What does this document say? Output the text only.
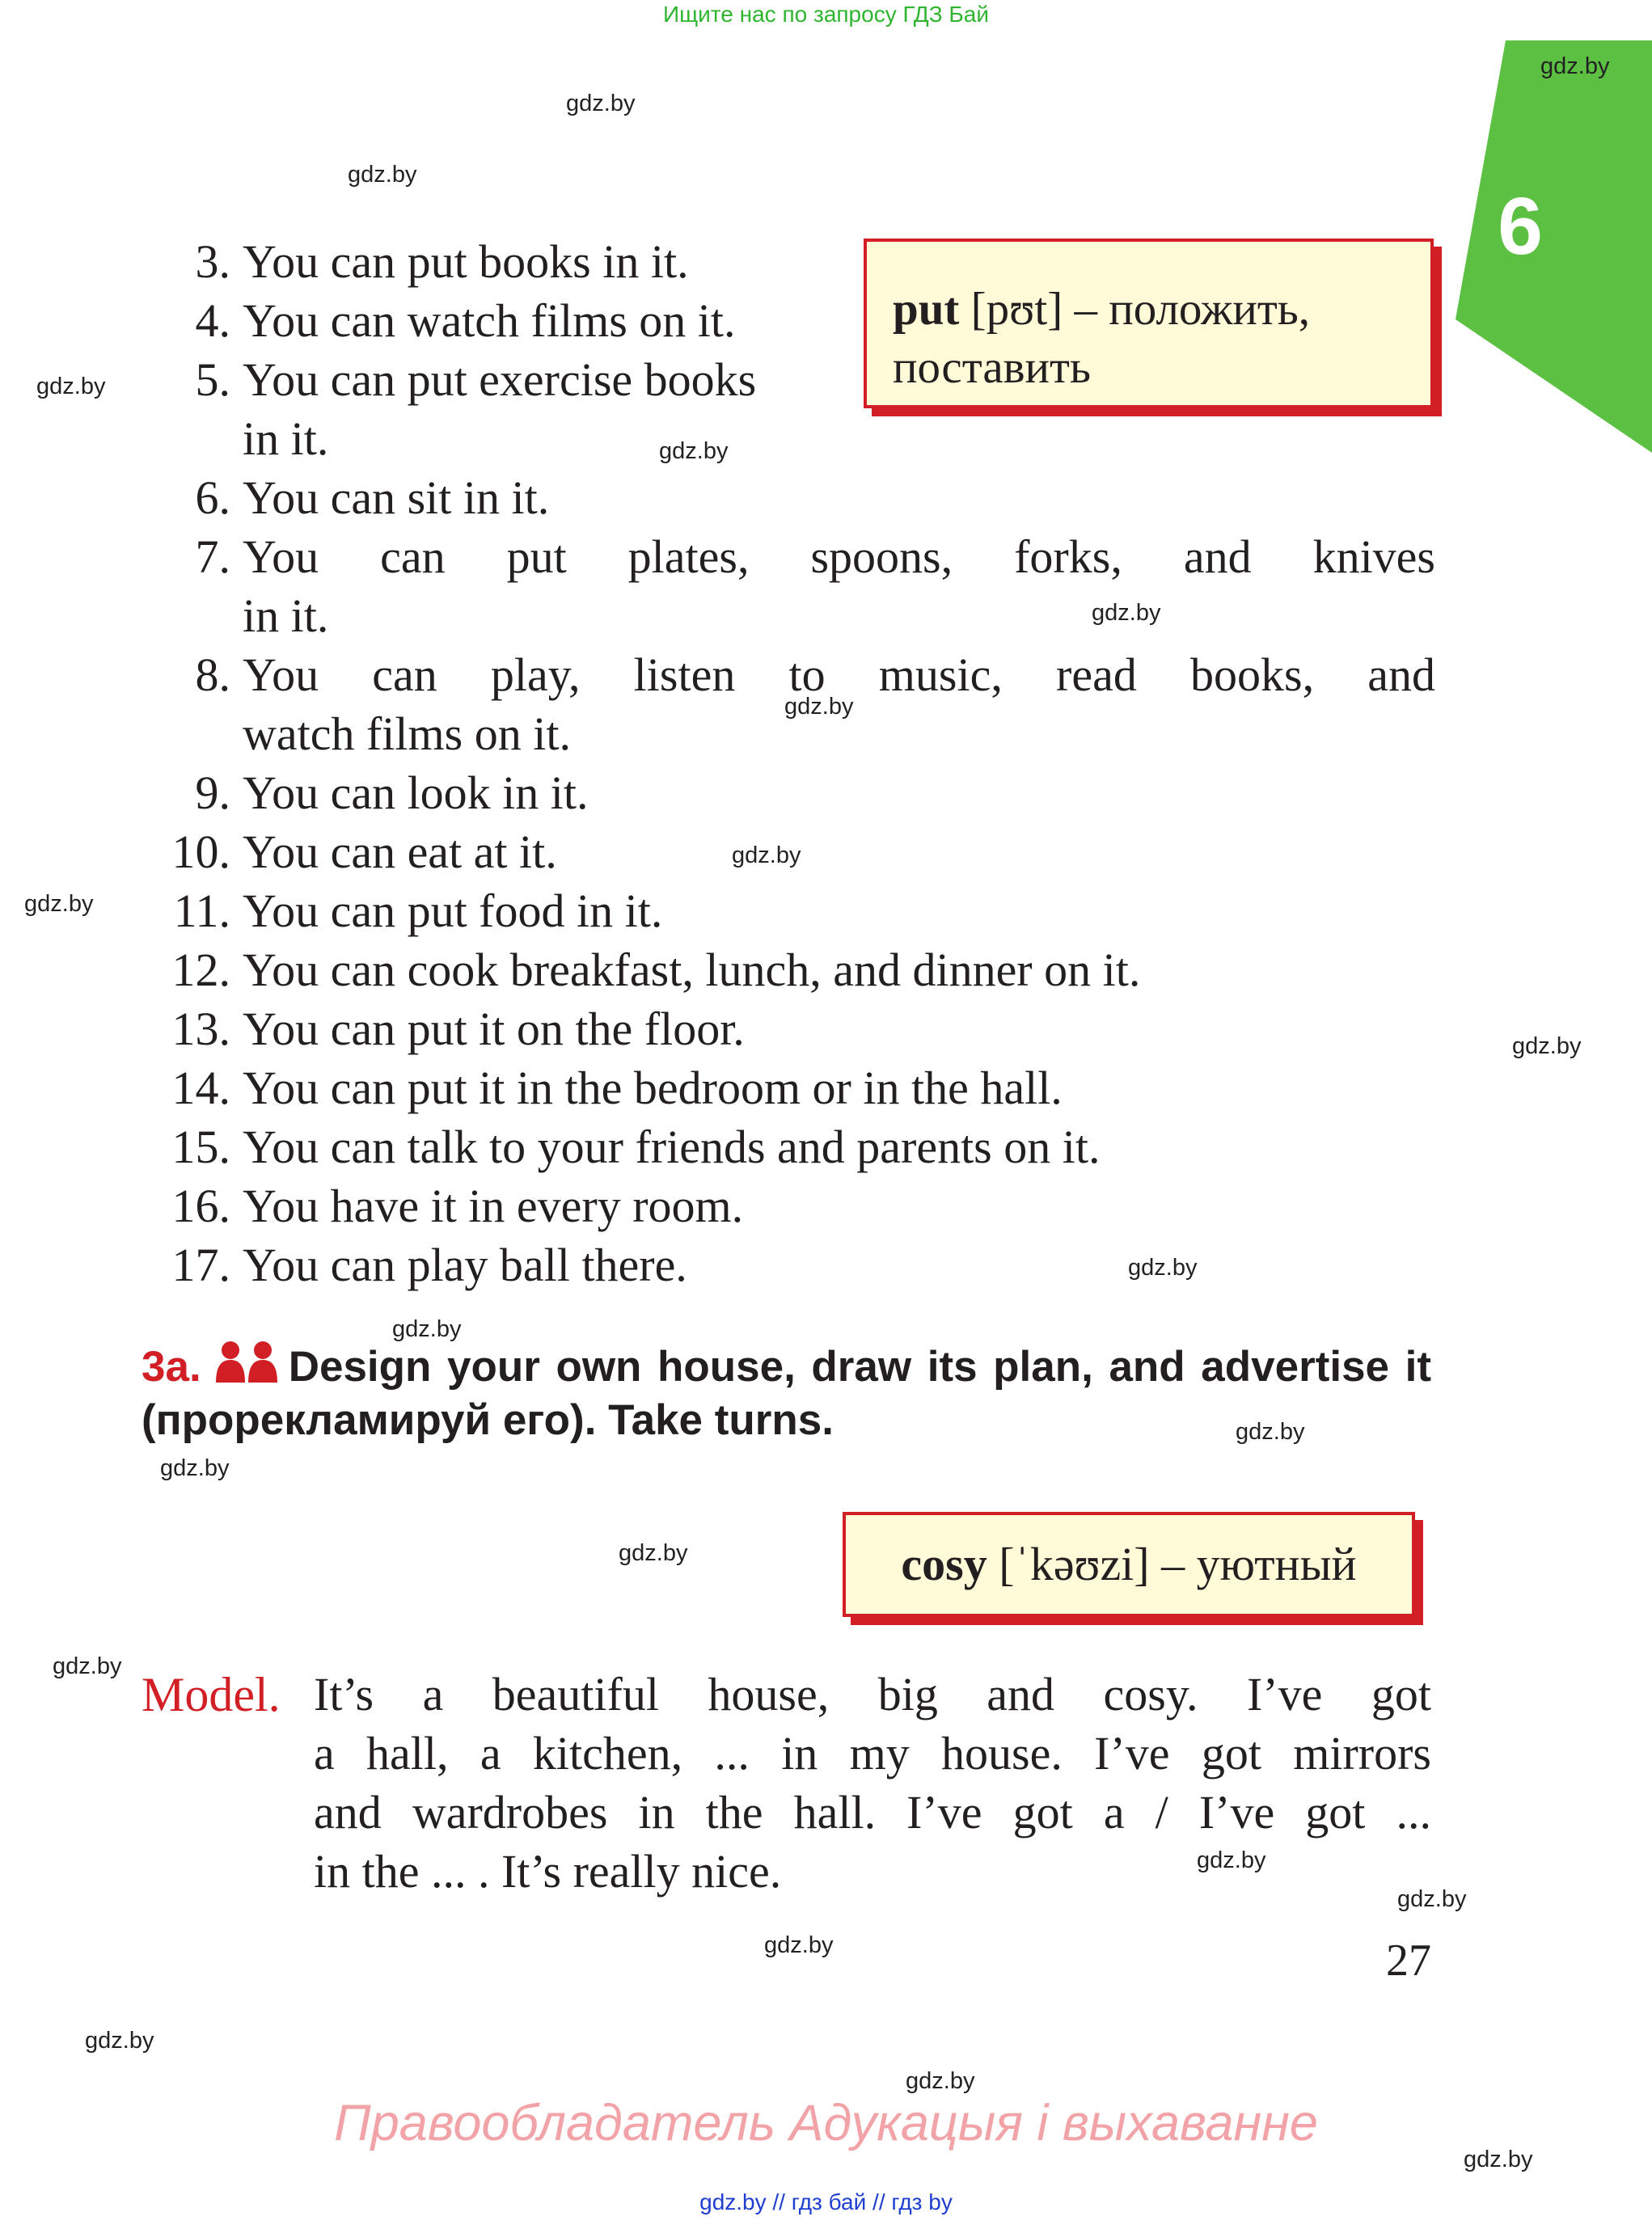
Ищите нас по запросу ГДЗ Бай
6
gdz.by
gdz.by
gdz.by
gdz.by
gdz.by
gdz.by
gdz.by
gdz.by
gdz.by
gdz.by
gdz.by
gdz.by
gdz.by
gdz.by
gdz.by
gdz.by
gdz.by
gdz.by
gdz.by
gdz.by
gdz.by
gdz.by
3. You can put books in it.
4. You can watch films on it.
5. You can put exercise books
in it.
6. You can sit in it.
7. You can put plates, spoons, forks, and knives
in it.
8. You can play, listen to music, read books, and
watch films on it.
9. You can look in it.
10. You can eat at it.
11. You can put food in it.
12. You can cook breakfast, lunch, and dinner on it.
13. You can put it on the floor.
14. You can put it in the bedroom or in the hall.
15. You can talk to your friends and parents on it.
16. You have it in every room.
17. You can play ball there.
put [pʊt] – положить,
поставить
3a. Design your own house, draw its plan, and advertise it (прорекламируй его). Take turns.
cosy [ˈkəʊzi] – уютный
Model. It’s a beautiful house, big and cosy. I’ve got
a hall, a kitchen, ... in my house. I’ve got mirrors
and wardrobes in the hall. I’ve got a / I’ve got ...
in the ... . It’s really nice.
27
Правообладатель Адукацыя і выхаванне
gdz.by // гдз бай // гдз by
